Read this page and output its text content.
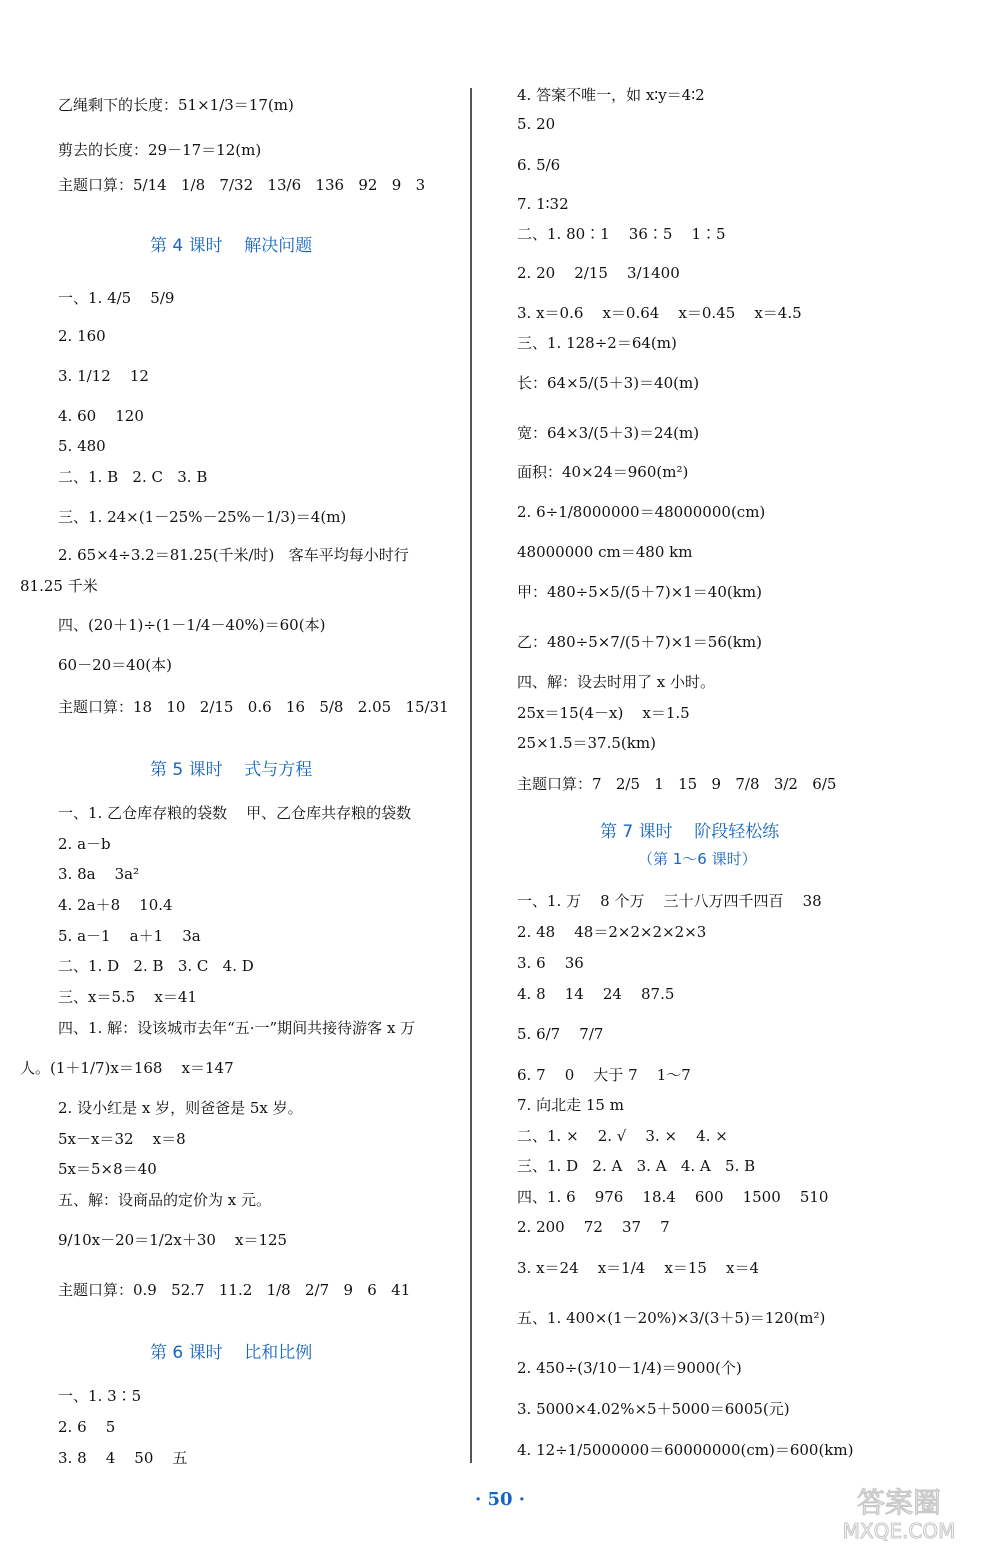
乙绳剩下的长度：51×1/3＝17(m)
剪去的长度：29－17＝12(m)
主题口算：5/14   1/8   7/32   13/6   136   92   9   3
第 4 课时    解决问题
一、1. 4/5    5/9
2. 160
3. 1/12    12
4. 60    120
5. 480
二、1. B   2. C   3. B
三、1. 24×(1－25%－25%－1/3)＝4(m)
2. 65×4÷3.2＝81.25(千米/时)   客车平均每小时行
81.25 千米
四、(20＋1)÷(1－1/4－40%)＝60(本)
60－20＝40(本)
主题口算：18   10   2/15   0.6   16   5/8   2.05   15/31
第 5 课时    式与方程
一、1. 乙仓库存粮的袋数    甲、乙仓库共存粮的袋数
2. a－b
3. 8a    3a²
4. 2a＋8    10.4
5. a－1    a＋1    3a
二、1. D   2. B   3. C   4. D
三、x＝5.5    x＝41
四、1. 解：设该城市去年“五·一”期间共接待游客 x 万
人。(1＋1/7)x＝168    x＝147
2. 设小红是 x 岁，则爸爸是 5x 岁。
5x－x＝32    x＝8
5x＝5×8＝40
五、解：设商品的定价为 x 元。
9/10x－20＝1/2x＋30    x＝125
主题口算：0.9   52.7   11.2   1/8   2/7   9   6   41
第 6 课时    比和比例
一、1. 3∶5
2. 6    5
3. 8    4    50    五
4. 答案不唯一，如 x∶y＝4∶2
5. 20
6. 5/6
7. 1∶32
二、1. 80∶1    36∶5    1∶5
2. 20    2/15    3/1400
3. x＝0.6    x＝0.64    x＝0.45    x＝4.5
三、1. 128÷2＝64(m)
长：64×5/(5＋3)＝40(m)
宽：64×3/(5＋3)＝24(m)
面积：40×24＝960(m²)
2. 6÷1/8000000＝48000000(cm)
48000000 cm＝480 km
甲：480÷5×5/(5＋7)×1＝40(km)
乙：480÷5×7/(5＋7)×1＝56(km)
四、解：设去时用了 x 小时。
25x＝15(4－x)    x＝1.5
25×1.5＝37.5(km)
主题口算：7   2/5   1   15   9   7/8   3/2   6/5
第 7 课时    阶段轻松练
（第 1～6 课时）
一、1. 万    8 个万    三十八万四千四百    38
2. 48    48＝2×2×2×2×3
3. 6    36
4. 8    14    24    87.5
5. 6/7    7/7
6. 7    0    大于 7    1～7
7. 向北走 15 m
二、1. ×    2. √    3. ×    4. ×
三、1. D   2. A   3. A   4. A   5. B
四、1. 6    976    18.4    600    1500    510
2. 200    72    37    7
3. x＝24    x＝1/4    x＝15    x＝4
五、1. 400×(1－20%)×3/(3＋5)＝120(m²)
2. 450÷(3/10－1/4)＝9000(个)
3. 5000×4.02%×5＋5000＝6005(元)
4. 12÷1/5000000＝60000000(cm)＝600(km)
· 50 ·	答案圈
MXQE.COM
